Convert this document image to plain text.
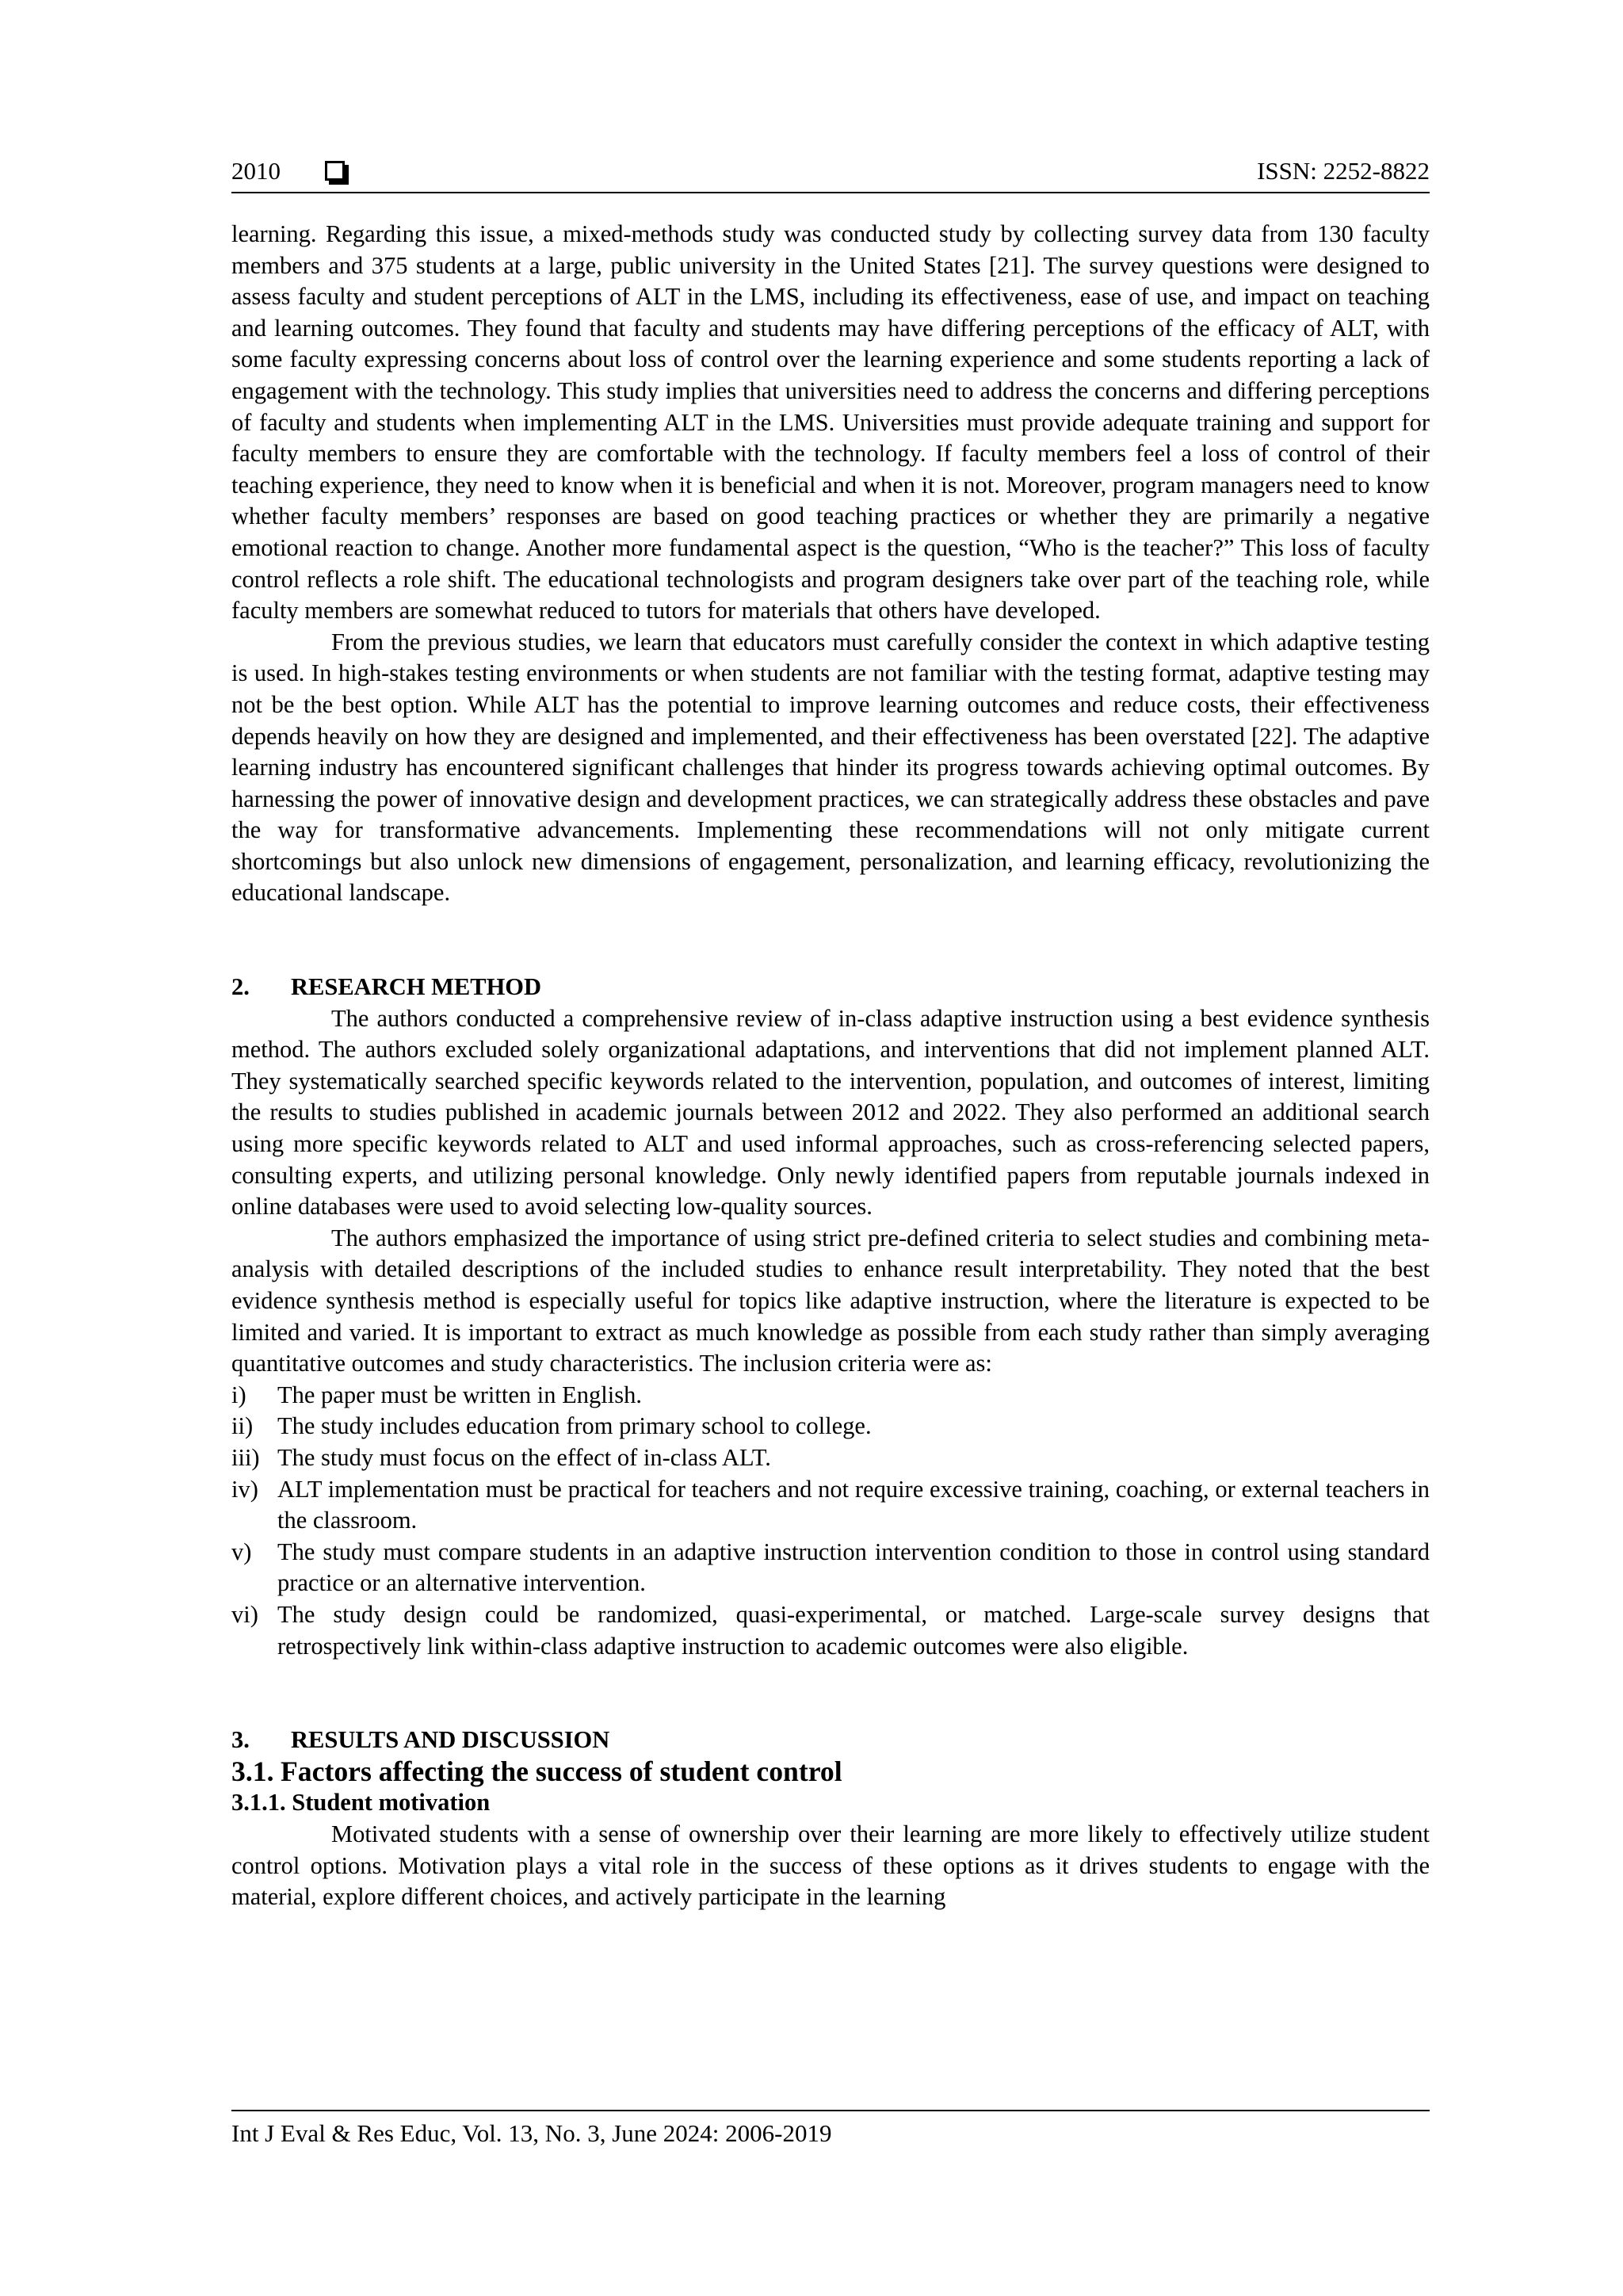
2010	ISSN: 2252-8822

learning. Regarding this issue, a mixed-methods study was conducted study by collecting survey data from 130 faculty members and 375 students at a large, public university in the United States [21]. The survey questions were designed to assess faculty and student perceptions of ALT in the LMS, including its effectiveness, ease of use, and impact on teaching and learning outcomes. They found that faculty and students may have differing perceptions of the efficacy of ALT, with some faculty expressing concerns about loss of control over the learning experience and some students reporting a lack of engagement with the technology. This study implies that universities need to address the concerns and differing perceptions of faculty and students when implementing ALT in the LMS. Universities must provide adequate training and support for faculty members to ensure they are comfortable with the technology. If faculty members feel a loss of control of their teaching experience, they need to know when it is beneficial and when it is not. Moreover, program managers need to know whether faculty members’ responses are based on good teaching practices or whether they are primarily a negative emotional reaction to change. Another more fundamental aspect is the question, “Who is the teacher?” This loss of faculty control reflects a role shift. The educational technologists and program designers take over part of the teaching role, while faculty members are somewhat reduced to tutors for materials that others have developed.

From the previous studies, we learn that educators must carefully consider the context in which adaptive testing is used. In high-stakes testing environments or when students are not familiar with the testing format, adaptive testing may not be the best option. While ALT has the potential to improve learning outcomes and reduce costs, their effectiveness depends heavily on how they are designed and implemented, and their effectiveness has been overstated [22]. The adaptive learning industry has encountered significant challenges that hinder its progress towards achieving optimal outcomes. By harnessing the power of innovative design and development practices, we can strategically address these obstacles and pave the way for transformative advancements. Implementing these recommendations will not only mitigate current shortcomings but also unlock new dimensions of engagement, personalization, and learning efficacy, revolutionizing the educational landscape.

2. RESEARCH METHOD

The authors conducted a comprehensive review of in-class adaptive instruction using a best evidence synthesis method. The authors excluded solely organizational adaptations, and interventions that did not implement planned ALT. They systematically searched specific keywords related to the intervention, population, and outcomes of interest, limiting the results to studies published in academic journals between 2012 and 2022. They also performed an additional search using more specific keywords related to ALT and used informal approaches, such as cross-referencing selected papers, consulting experts, and utilizing personal knowledge. Only newly identified papers from reputable journals indexed in online databases were used to avoid selecting low-quality sources.

The authors emphasized the importance of using strict pre-defined criteria to select studies and combining meta-analysis with detailed descriptions of the included studies to enhance result interpretability. They noted that the best evidence synthesis method is especially useful for topics like adaptive instruction, where the literature is expected to be limited and varied. It is important to extract as much knowledge as possible from each study rather than simply averaging quantitative outcomes and study characteristics. The inclusion criteria were as:

i) The paper must be written in English.
ii) The study includes education from primary school to college.
iii) The study must focus on the effect of in-class ALT.
iv) ALT implementation must be practical for teachers and not require excessive training, coaching, or external teachers in the classroom.
v) The study must compare students in an adaptive instruction intervention condition to those in control using standard practice or an alternative intervention.
vi) The study design could be randomized, quasi-experimental, or matched. Large-scale survey designs that retrospectively link within-class adaptive instruction to academic outcomes were also eligible.
3. RESULTS AND DISCUSSION
3.1. Factors affecting the success of student control
3.1.1. Student motivation

Motivated students with a sense of ownership over their learning are more likely to effectively utilize student control options. Motivation plays a vital role in the success of these options as it drives students to engage with the material, explore different choices, and actively participate in the learning

Int J Eval & Res Educ, Vol. 13, No. 3, June 2024: 2006-2019
